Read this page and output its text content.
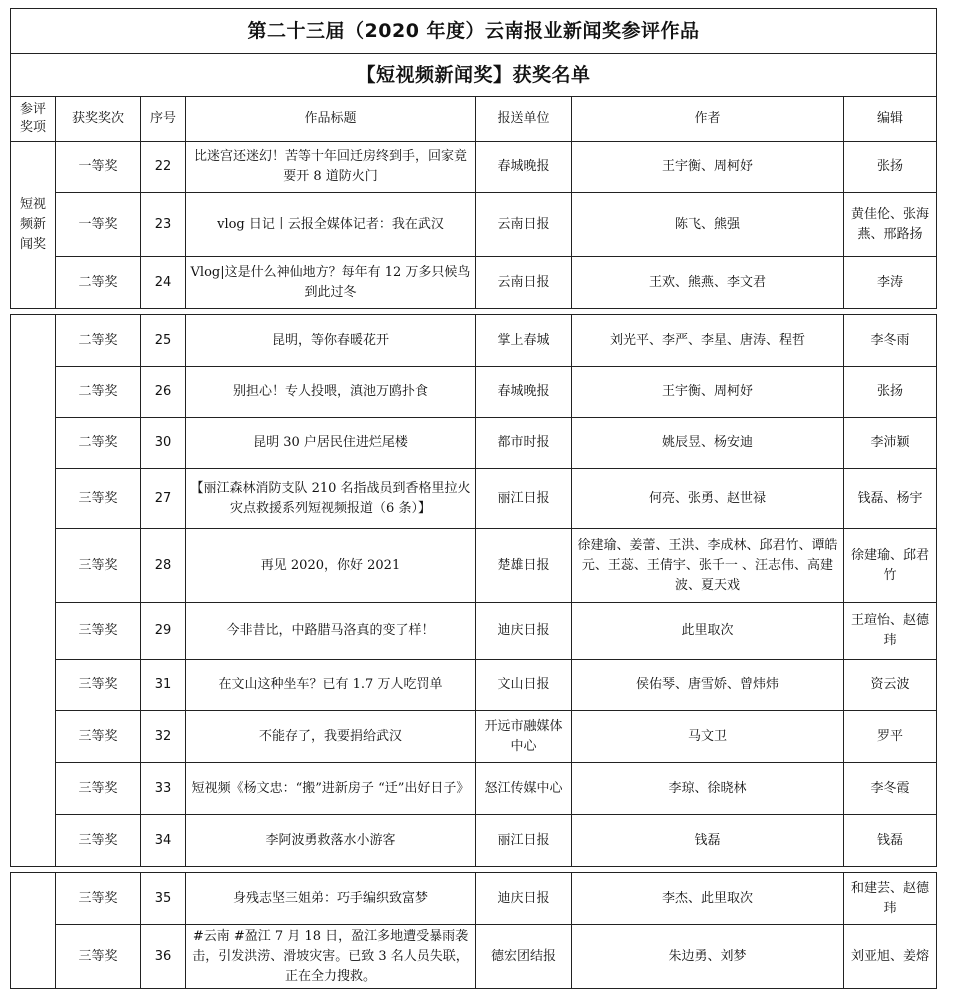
第二十三届（2020 年度）云南报业新闻奖参评作品						
【短视频新闻奖】获奖名单						
参评奖项	获奖奖次	序号	作品标题	报送单位	作者	编辑
短视频新闻奖	一等奖	22	比迷宫还迷幻！苦等十年回迁房终到手，回家竟要开 8 道防火门	春城晚报	王宇衡、周柯妤	张扬
	一等奖	23	vlog 日记丨云报全媒体记者：我在武汉	云南日报	陈飞、熊强	黄佳伦、张海燕、邢路扬
	二等奖	24	Vlog|这是什么神仙地方？每年有 12 万多只候鸟到此过冬	云南日报	王欢、熊燕、李文君	李涛

	二等奖	25	昆明，等你春暖花开	掌上春城	刘光平、李严、李星、唐涛、程哲	李冬雨
	二等奖	26	别担心！专人投喂，滇池万鸥扑食	春城晚报	王宇衡、周柯妤	张扬
	二等奖	30	昆明 30 户居民住进烂尾楼	都市时报	姚辰昱、杨安迪	李沛颖
	三等奖	27	【丽江森林消防支队 210 名指战员到香格里拉火灾点救援系列短视频报道（6 条）】	丽江日报	何亮、张勇、赵世禄	钱磊、杨宇
	三等奖	28	再见 2020，你好 2021	楚雄日报	徐建瑜、姜蕾、王洪、李成林、邱君竹、谭皓元、王蕊、王倩宇、张千一 、汪志伟、高建波、夏天戏	徐建瑜、邱君竹
	三等奖	29	今非昔比，中路腊马洛真的变了样！	迪庆日报	此里取次	王瑄怡、赵德玮
	三等奖	31	在文山这种坐车？已有 1.7 万人吃罚单	文山日报	侯佑琴、唐雪娇、曾炜炜	资云波
	三等奖	32	不能存了，我要捐给武汉	开远市融媒体中心	马文卫	罗平
	三等奖	33	短视频《杨文忠：“搬”进新房子 “迁”出好日子》	怒江传媒中心	李琼、徐晓林	李冬霞
	三等奖	34	李阿波勇救落水小游客	丽江日报	钱磊	钱磊

	三等奖	35	身残志坚三姐弟：巧手编织致富梦	迪庆日报	李杰、此里取次	和建芸、赵德玮
	三等奖	36	#云南 #盈江 7 月 18 日，盈江多地遭受暴雨袭击，引发洪涝、滑坡灾害。已致 3 名人员失联，正在全力搜救。	德宏团结报	朱边勇、刘梦	刘亚旭、姜熔
